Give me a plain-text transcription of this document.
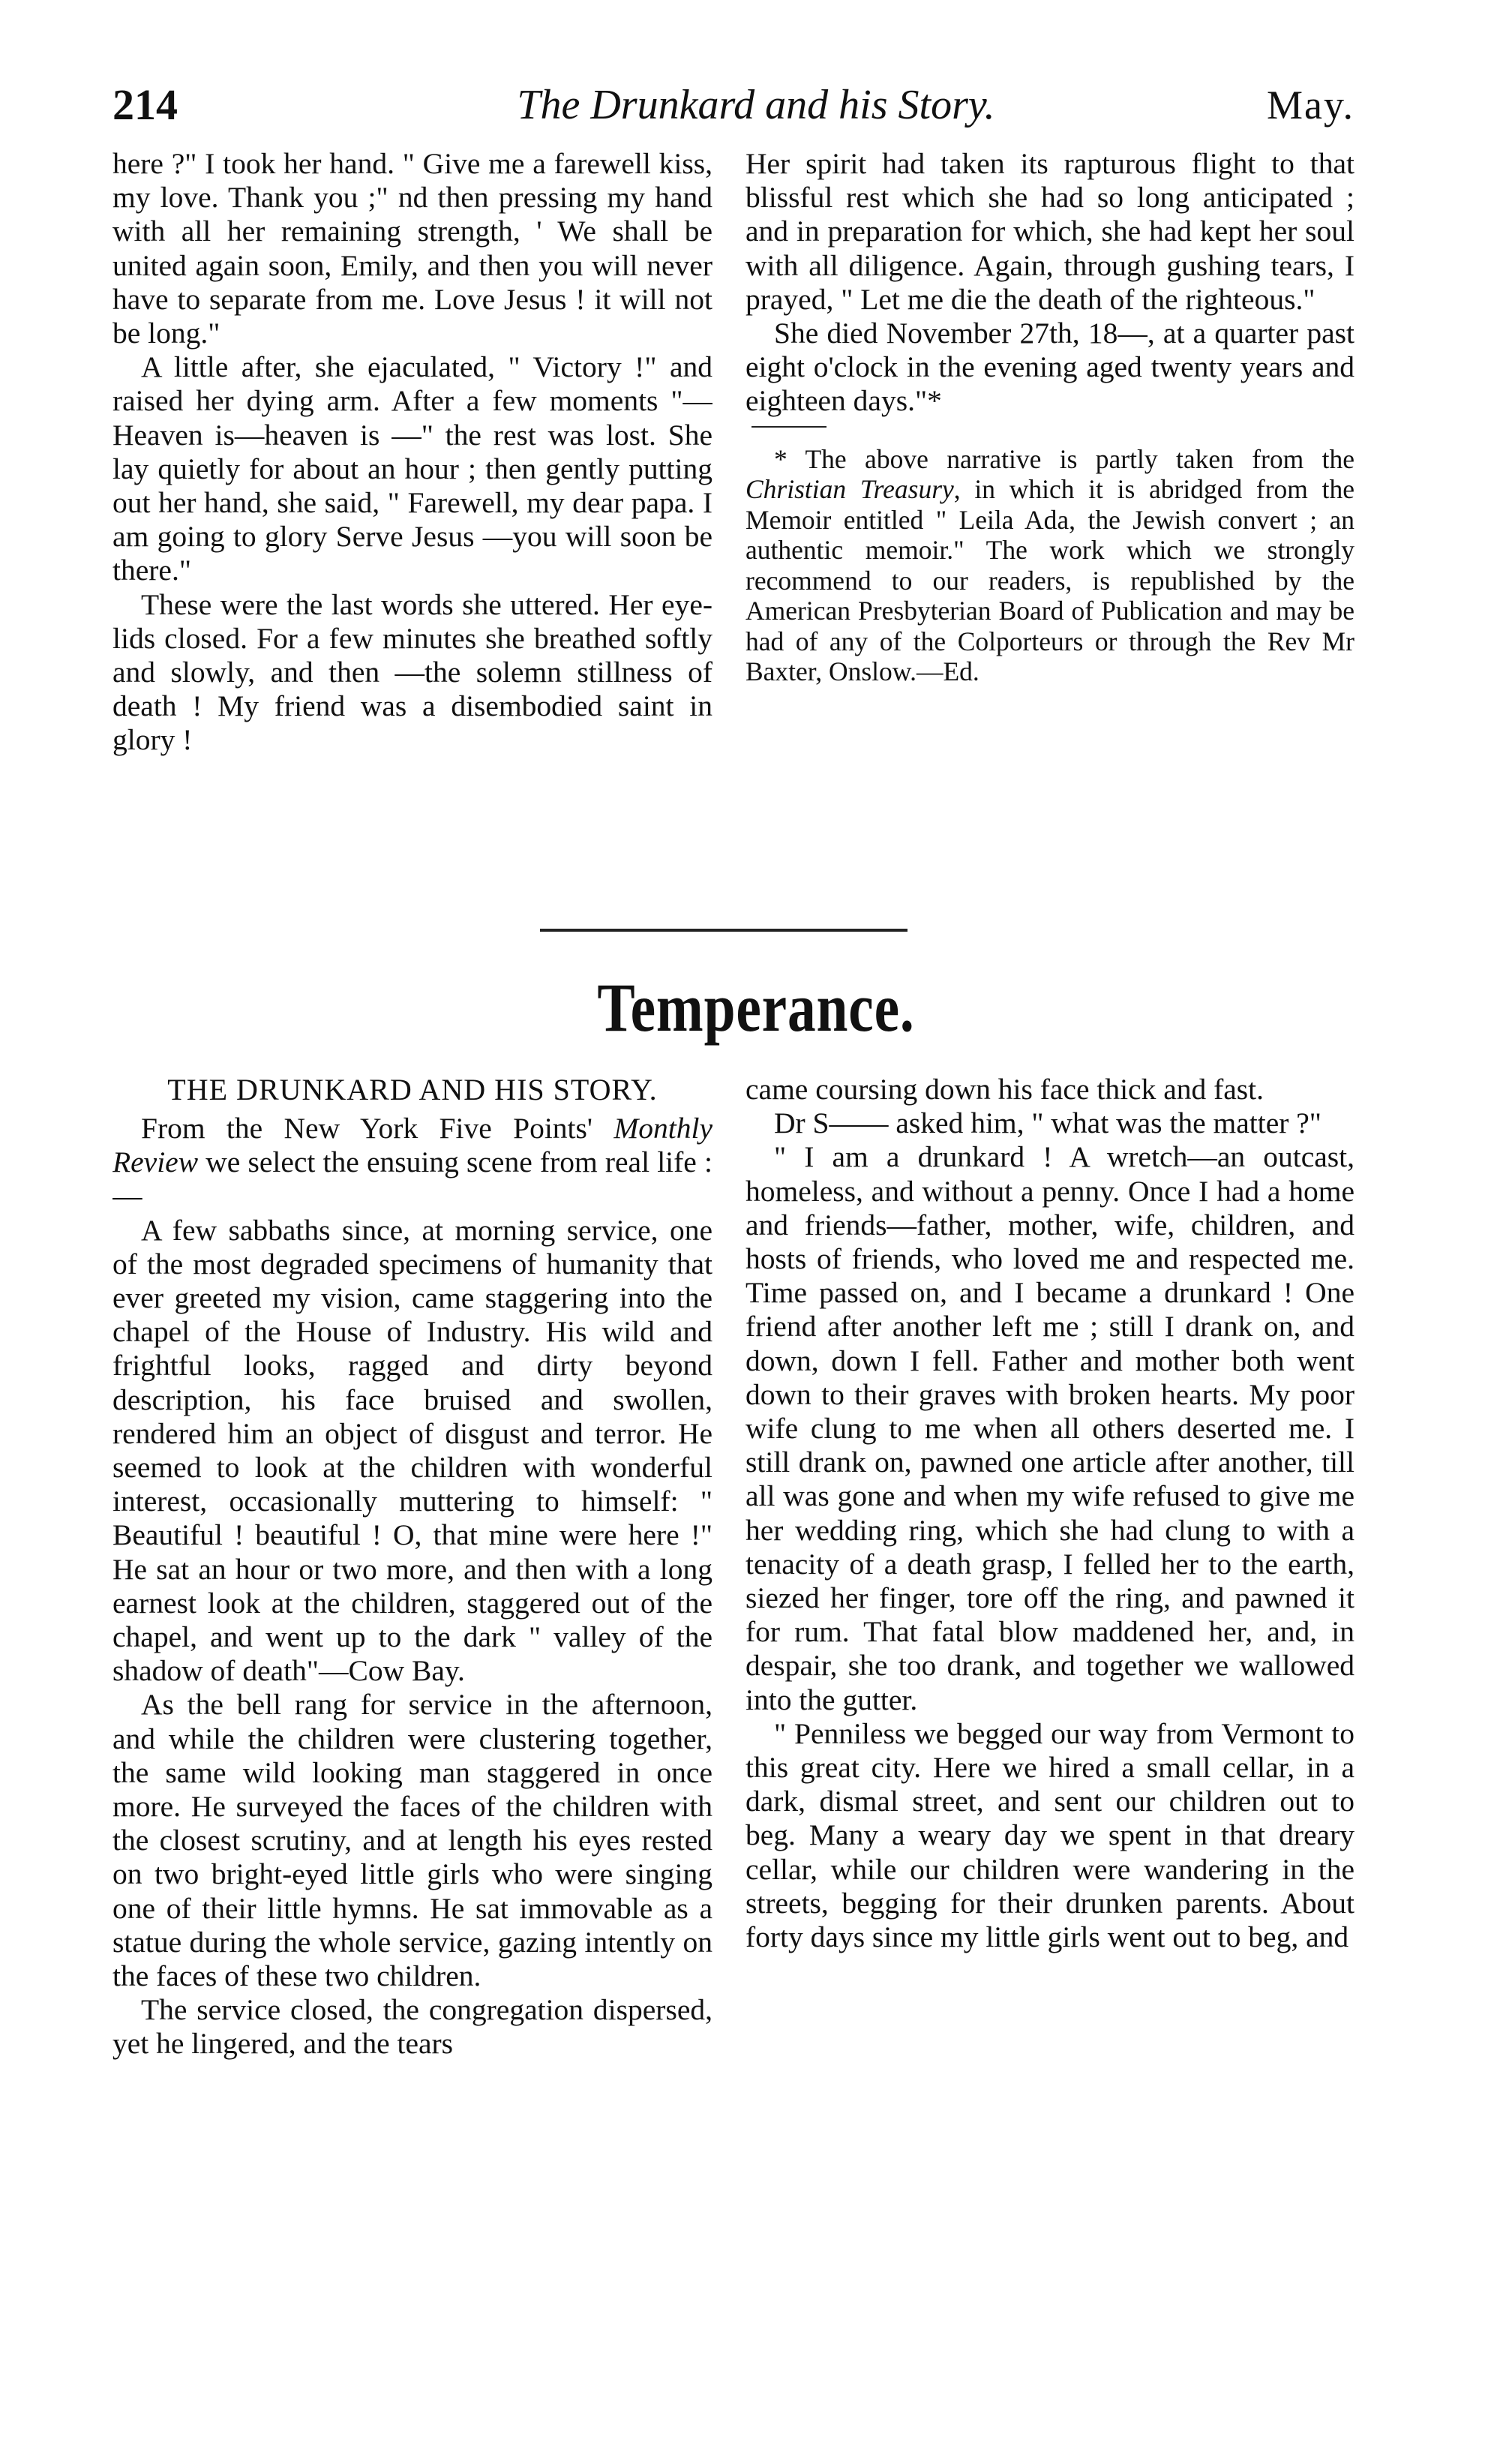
The Drunkard and his Story.
214	May.

here ?" I took her hand. " Give me a farewell kiss, my love. Thank you ;" nd then pressing my hand with all her remaining strength, ' We shall be united again soon, Emily, and then you will never have to separate from me. Love Jesus ! it will not be long."

A little after, she ejaculated, " Victory !" and raised her dying arm. After a few moments "—Heaven is—heaven is —" the rest was lost. She lay quietly for about an hour ; then gently putting out her hand, she said, " Farewell, my dear papa. I am going to glory Serve Jesus —you will soon be there."

These were the last words she uttered. Her eye-lids closed. For a few minutes she breathed softly and slowly, and then —the solemn stillness of death ! My friend was a disembodied saint in glory !

Her spirit had taken its rapturous flight to that blissful rest which she had so long anticipated ; and in preparation for which, she had kept her soul with all diligence. Again, through gushing tears, I prayed, " Let me die the death of the righteous."

She died November 27th, 18—, at a quarter past eight o'clock in the evening aged twenty years and eighteen days."*

* The above narrative is partly taken from the Christian Treasury, in which it is abridged from the Memoir entitled " Leila Ada, the Jewish convert ; an authentic memoir." The work which we strongly recommend to our readers, is republished by the American Presbyterian Board of Publication and may be had of any of the Colporteurs or through the Rev Mr Baxter, Onslow.—Ed.

Temperance.
THE DRUNKARD AND HIS STORY.

From the New York Five Points' Monthly Review we select the ensuing scene from real life :—

A few sabbaths since, at morning service, one of the most degraded specimens of humanity that ever greeted my vision, came staggering into the chapel of the House of Industry. His wild and frightful looks, ragged and dirty beyond description, his face bruised and swollen, rendered him an object of disgust and terror. He seemed to look at the children with wonderful interest, occasionally muttering to himself: " Beautiful ! beautiful ! O, that mine were here !" He sat an hour or two more, and then with a long earnest look at the children, staggered out of the chapel, and went up to the dark " valley of the shadow of death"—Cow Bay.

As the bell rang for service in the afternoon, and while the children were clustering together, the same wild looking man staggered in once more. He surveyed the faces of the children with the closest scrutiny, and at length his eyes rested on two bright-eyed little girls who were singing one of their little hymns. He sat immovable as a statue during the whole service, gazing intently on the faces of these two children.

The service closed, the congregation dispersed, yet he lingered, and the tears

came coursing down his face thick and fast.

Dr S—— asked him, " what was the matter ?"

" I am a drunkard ! A wretch—an outcast, homeless, and without a penny. Once I had a home and friends—father, mother, wife, children, and hosts of friends, who loved me and respected me. Time passed on, and I became a drunkard ! One friend after another left me ; still I drank on, and down, down I fell. Father and mother both went down to their graves with broken hearts. My poor wife clung to me when all others deserted me. I still drank on, pawned one article after another, till all was gone and when my wife refused to give me her wedding ring, which she had clung to with a tenacity of a death grasp, I felled her to the earth, siezed her finger, tore off the ring, and pawned it for rum. That fatal blow maddened her, and, in despair, she too drank, and together we wallowed into the gutter.

" Penniless we begged our way from Vermont to this great city. Here we hired a small cellar, in a dark, dismal street, and sent our children out to beg. Many a weary day we spent in that dreary cellar, while our children were wandering in the streets, begging for their drunken parents. About forty days since my little girls went out to beg, and
